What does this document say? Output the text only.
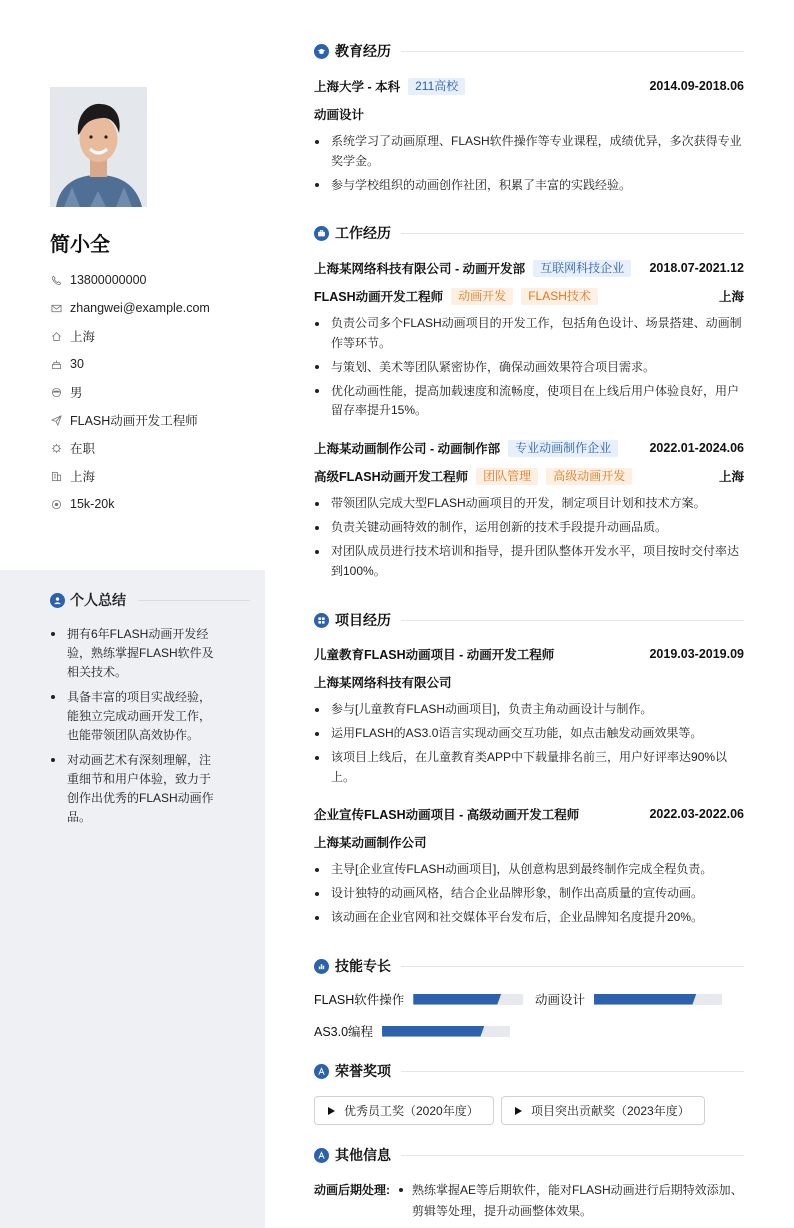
简小全
13800000000
zhangwei@example.com
上海
30
男
FLASH动画开发工程师
在职
上海
15k-20k
个人总结
拥有6年FLASH动画开发经验，熟练掌握FLASH软件及相关技术。
具备丰富的项目实战经验，能独立完成动画开发工作，也能带领团队高效协作。
对动画艺术有深刻理解，注重细节和用户体验，致力于创作出优秀的FLASH动画作品。
教育经历
上海大学 - 本科	211高校	2014.09-2018.06
动画设计
系统学习了动画原理、FLASH软件操作等专业课程，成绩优异，多次获得专业奖学金。
参与学校组织的动画创作社团，积累了丰富的实践经验。
工作经历
上海某网络科技有限公司 - 动画开发部	互联网科技企业	2018.07-2021.12
FLASH动画开发工程师	动画开发	FLASH技术	上海
负责公司多个FLASH动画项目的开发工作，包括角色设计、场景搭建、动画制作等环节。
与策划、美术等团队紧密协作，确保动画效果符合项目需求。
优化动画性能，提高加载速度和流畅度，使项目在上线后用户体验良好，用户留存率提升15%。
上海某动画制作公司 - 动画制作部	专业动画制作企业	2022.01-2024.06
高级FLASH动画开发工程师	团队管理	高级动画开发	上海
带领团队完成大型FLASH动画项目的开发，制定项目计划和技术方案。
负责关键动画特效的制作，运用创新的技术手段提升动画品质。
对团队成员进行技术培训和指导，提升团队整体开发水平，项目按时交付率达到100%。
项目经历
儿童教育FLASH动画项目 - 动画开发工程师	2019.03-2019.09
上海某网络科技有限公司
参与[儿童教育FLASH动画项目]，负责主角动画设计与制作。
运用FLASH的AS3.0语言实现动画交互功能，如点击触发动画效果等。
该项目上线后，在儿童教育类APP中下载量排名前三，用户好评率达90%以上。
企业宣传FLASH动画项目 - 高级动画开发工程师	2022.03-2022.06
上海某动画制作公司
主导[企业宣传FLASH动画项目]，从创意构思到最终制作完成全程负责。
设计独特的动画风格，结合企业品牌形象，制作出高质量的宣传动画。
该动画在企业官网和社交媒体平台发布后，企业品牌知名度提升20%。
技能专长
FLASH软件操作	动画设计
AS3.0编程
荣誉奖项
优秀员工奖（2020年度）	项目突出贡献奖（2023年度）
其他信息
动画后期处理:	熟练掌握AE等后期软件，能对FLASH动画进行后期特效添加、剪辑等处理，提升动画整体效果。
